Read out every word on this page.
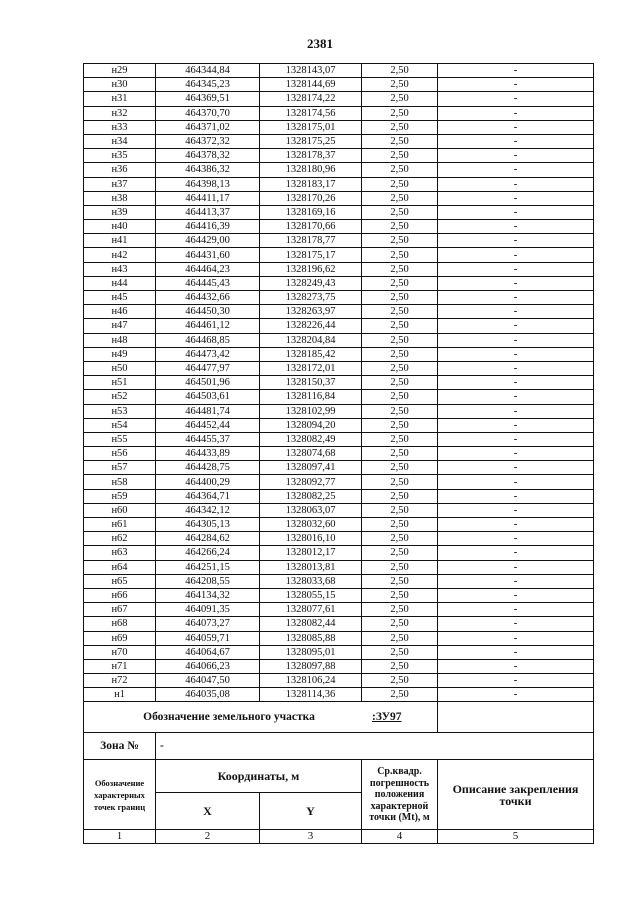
2381
н29	464344,84	1328143,07	2,50	-
н30	464345,23	1328144,69	2,50	-
н31	464369,51	1328174,22	2,50	-
н32	464370,70	1328174,56	2,50	-
н33	464371,02	1328175,01	2,50	-
н34	464372,32	1328175,25	2,50	-
н35	464378,32	1328178,37	2,50	-
н36	464386,32	1328180,96	2,50	-
н37	464398,13	1328183,17	2,50	-
н38	464411,17	1328170,26	2,50	-
н39	464413,37	1328169,16	2,50	-
н40	464416,39	1328170,66	2,50	-
н41	464429,00	1328178,77	2,50	-
н42	464431,60	1328175,17	2,50	-
н43	464464,23	1328196,62	2,50	-
н44	464445,43	1328249,43	2,50	-
н45	464432,66	1328273,75	2,50	-
н46	464450,30	1328263,97	2,50	-
н47	464461,12	1328226,44	2,50	-
н48	464468,85	1328204,84	2,50	-
н49	464473,42	1328185,42	2,50	-
н50	464477,97	1328172,01	2,50	-
н51	464501,96	1328150,37	2,50	-
н52	464503,61	1328116,84	2,50	-
н53	464481,74	1328102,99	2,50	-
н54	464452,44	1328094,20	2,50	-
н55	464455,37	1328082,49	2,50	-
н56	464433,89	1328074,68	2,50	-
н57	464428,75	1328097,41	2,50	-
н58	464400,29	1328092,77	2,50	-
н59	464364,71	1328082,25	2,50	-
н60	464342,12	1328063,07	2,50	-
н61	464305,13	1328032,60	2,50	-
н62	464284,62	1328016,10	2,50	-
н63	464266,24	1328012,17	2,50	-
н64	464251,15	1328013,81	2,50	-
н65	464208,55	1328033,68	2,50	-
н66	464134,32	1328055,15	2,50	-
н67	464091,35	1328077,61	2,50	-
н68	464073,27	1328082,44	2,50	-
н69	464059,71	1328085,88	2,50	-
н70	464064,67	1328095,01	2,50	-
н71	464066,23	1328097,88	2,50	-
н72	464047,50	1328106,24	2,50	-
н1	464035,08	1328114,36	2,50	-

Обозначение земельного участка :ЗУ97				

Зона №	-			
Обозначение характерных точек границ	Координаты, м		Ср.квадр. погрешность положения характерной точки (Mt), м	Описание закрепления точки
	X	Y		
1	2	3	4	5
